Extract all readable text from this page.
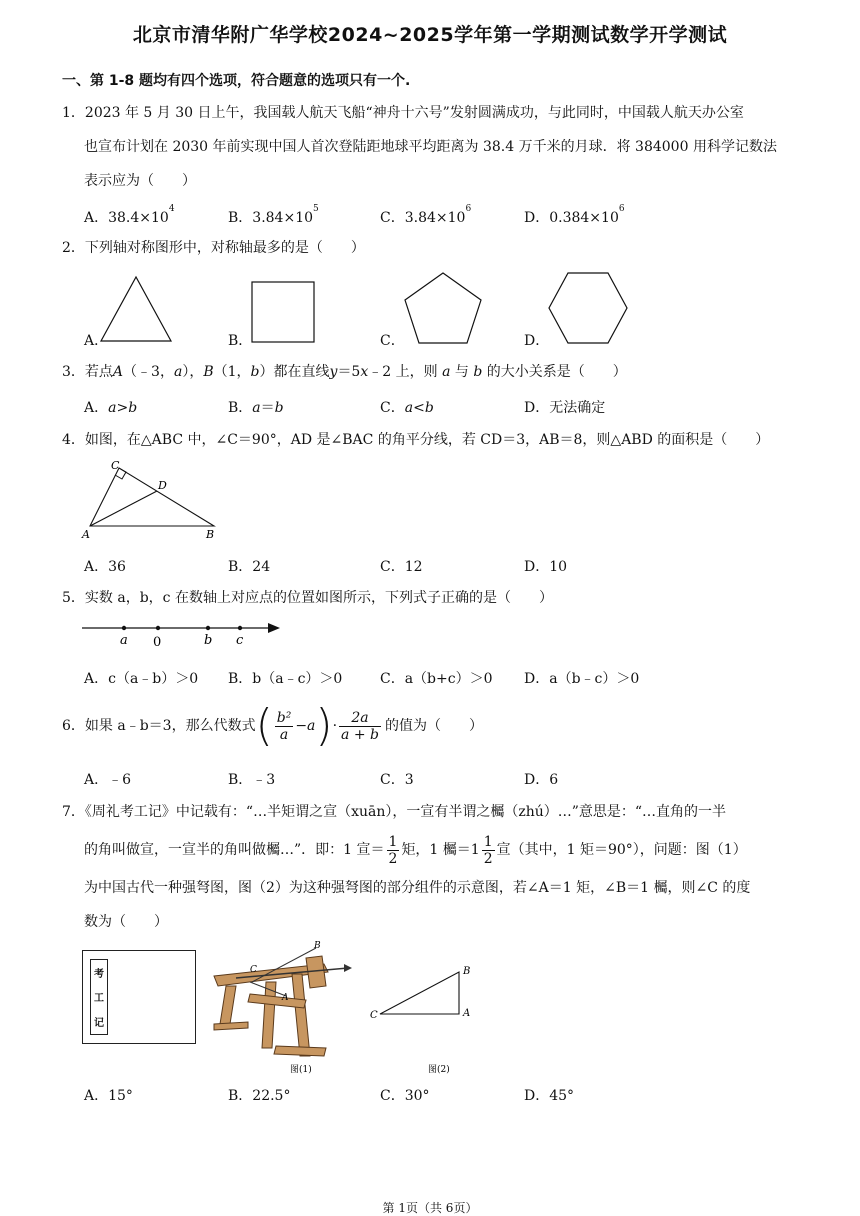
北京市清华附广华学校2024~2025学年第一学期测试数学开学测试
一、第 1-8 题均有四个选项，符合题意的选项只有一个.
1．2023 年 5 月 30 日上午，我国载人航天飞船“神舟十六号”发射圆满成功，与此同时，中国载人航天办公室
也宣布计划在 2030 年前实现中国人首次登陆距地球平均距离为 38.4 万千米的月球．将 384000 用科学记数法
表示应为（　　）
A．$38.4\times 10^4$
B．$3.84\times 10^5$
C．$3.84\times 10^6$
D．$0.384\times 10^6$
2．下列轴对称图形中，对称轴最多的是（　　）
A．	B．	C．	D．
3．若点A（﹣3，a），B（1，b）都在直线y＝5x﹣2 上，则 a 与 b 的大小关系是（　　）
A．a>b	B．a＝b	C．a<b	D．无法确定
4．如图，在△ABC 中，∠C＝90°，AD 是∠BAC 的角平分线，若 CD＝3，AB＝8，则△ABD 的面积是（　　）
C
D
A	B
A．36	B．24	C．12	D．10
5．实数 a，b，c 在数轴上对应点的位置如图所示，下列式子正确的是（　　）
a 0	b c
A．c（a﹣b）＞0 B．b（a﹣c）＞0	C．a（b+c）＞0 D．a（b﹣c）＞0
6．如果 a﹣b＝3，那么代数式 ( $\frac{\text{b²}}{a} -a$ ) · $\frac{2a}{a + b}$ 的值为（　　）
A．﹣6	B．﹣3	C．3	D．6
7．《周礼考工记》中记载有：“…半矩谓之宣（xuān），一宣有半谓之欘（zhú）…”意思是：“…直角的一半
的角叫做宣，一宣半的角叫做欘…”．即：1 宣＝ $\frac{1}{2}$ 矩，1 欘$=1 \frac{1}{2}$ 宣（其中，1 矩＝90°），问题：图（1）
为中国古代一种强弩图，图（2）为这种强弩图的部分组件的示意图，若∠A＝1 矩，∠B＝1 欘，则∠C 的度
数为（　　）
考
工
记
B
C
A
图(1)
B
C	A
图(2)
A．15°	B．22.5°	C．30°	D．45°
第 1页（共 6页）
